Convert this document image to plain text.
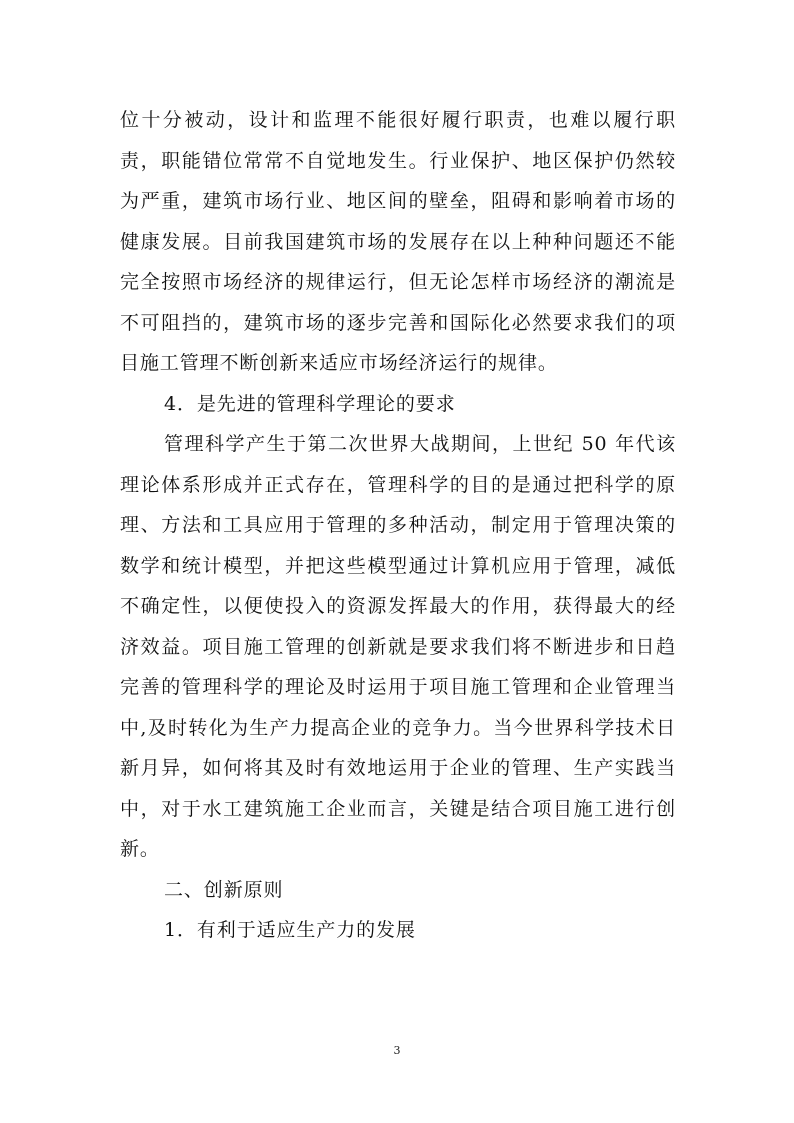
位十分被动，设计和监理不能很好履行职责，也难以履行职责，职能错位常常不自觉地发生。行业保护、地区保护仍然较为严重，建筑市场行业、地区间的壁垒，阻碍和影响着市场的健康发展。目前我国建筑市场的发展存在以上种种问题还不能完全按照市场经济的规律运行，但无论怎样市场经济的潮流是不可阻挡的，建筑市场的逐步完善和国际化必然要求我们的项目施工管理不断创新来适应市场经济运行的规律。

4．是先进的管理科学理论的要求

管理科学产生于第二次世界大战期间，上世纪 50 年代该理论体系形成并正式存在，管理科学的目的是通过把科学的原理、方法和工具应用于管理的多种活动，制定用于管理决策的数学和统计模型，并把这些模型通过计算机应用于管理，减低不确定性，以便使投入的资源发挥最大的作用，获得最大的经济效益。项目施工管理的创新就是要求我们将不断进步和日趋完善的管理科学的理论及时运用于项目施工管理和企业管理当中,及时转化为生产力提高企业的竞争力。当今世界科学技术日新月异，如何将其及时有效地运用于企业的管理、生产实践当中，对于水工建筑施工企业而言，关键是结合项目施工进行创新。

二、创新原则

1．有利于适应生产力的发展

3
